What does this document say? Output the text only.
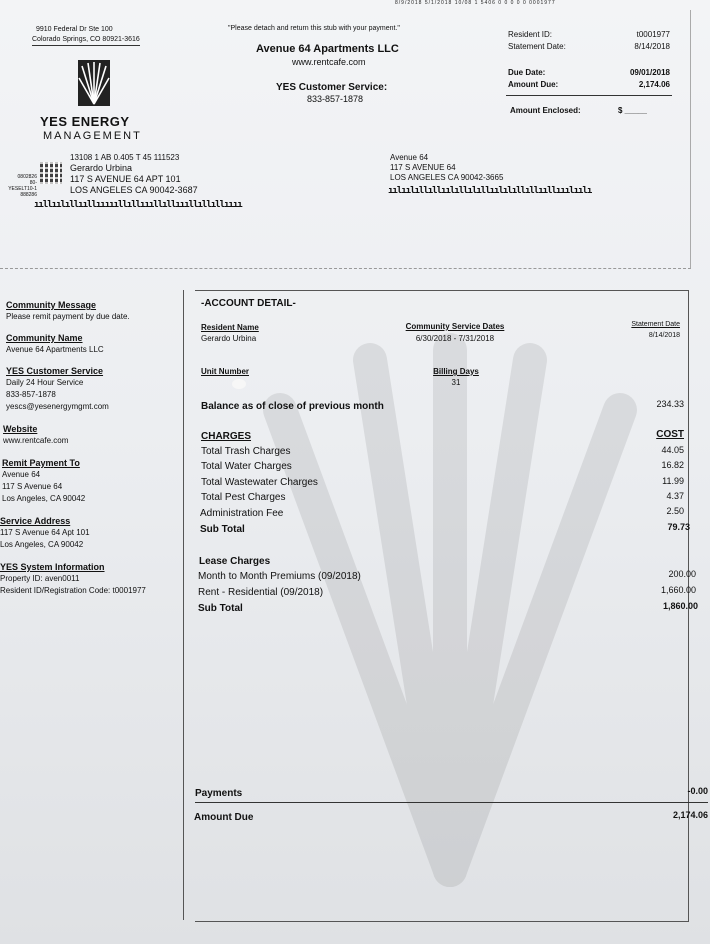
8/9/2018 5/1/2018 10/08 1 5406 0 0 0 0 0 0001977
9910 Federal Dr Ste 100
Colorado Springs, CO 80921-3616
"Please detach and return this stub with your payment."
Avenue 64 Apartments LLC
www.rentcafe.com
YES Customer Service:
833-857-1878
YES ENERGY
MANAGEMENT
Resident ID:	t0001977
Statement Date:	8/14/2018
Due Date:	09/01/2018
Amount Due:	2,174.06
Amount Enclosed:	$ _____
0802826
80-YESELT10-1
888286
13108 1 AB 0.405 T 45 111523
Gerardo Urbina
117 S AVENUE 64 APT 101
LOS ANGELES CA 90042-3687
ııllıılıllııllıııııllıllıııllıllıııllıllıllıııı
Avenue 64
117 S AVENUE 64
LOS ANGELES CA 90042-3665
ıılıılıllıllıılıllılıllıılılıllıllııllııılıılı
Community Message
Please remit payment by due date.
Community Name
Avenue 64 Apartments LLC
YES Customer Service
Daily 24 Hour Service
833-857-1878
yescs@yesenergymgmt.com
Website
www.rentcafe.com
Remit Payment To
Avenue 64
117 S Avenue 64
Los Angeles, CA 90042
Service Address
117 S Avenue 64 Apt 101
Los Angeles, CA 90042
YES System Information
Property ID: aven0011
Resident ID/Registration Code: t0001977
-ACCOUNT DETAIL-
Resident Name
Gerardo Urbina
Community Service Dates
6/30/2018 - 7/31/2018
Statement Date
8/14/2018
Unit Number	Billing Days
31
Balance as of close of previous month	234.33
CHARGES	COST
Total Trash Charges	44.05
Total Water Charges	16.82
Total Wastewater Charges	11.99
Total Pest Charges	4.37
Administration Fee	2.50
Sub Total	79.73
Lease Charges
Month to Month Premiums (09/2018)	200.00
Rent - Residential (09/2018)	1,660.00
Sub Total	1,860.00
Payments	-0.00
Amount Due	2,174.06
